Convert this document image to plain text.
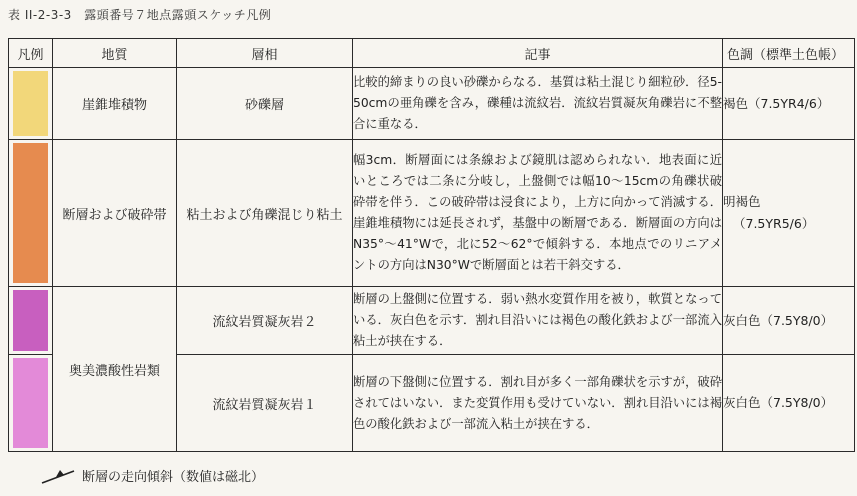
表 II-2-3-3　露頭番号７地点露頭スケッチ凡例
凡例	地質	層相	記事	色調（標準土色帳）

	崖錐堆積物	砂礫層	比較的締まりの良い砂礫からなる．基質は粘土混じり細粒砂．径5-50cmの亜角礫を含み，礫種は流紋岩．流紋岩質凝灰角礫岩に不整合に重なる．	褐色（7.5YR4/6）

	断層および破砕帯	粘土および角礫混じり粘土	幅3cm．断層面には条線および鏡肌は認められない．地表面に近いところでは二条に分岐し，上盤側では幅10～15cmの角礫状破砕帯を伴う．この破砕帯は浸食により，上方に向かって消滅する．崖錐堆積物には延長されず，基盤中の断層である．断層面の方向はN35°～41°Wで，北に52～62°で傾斜する．本地点でのリニアメントの方向はN30°Wで断層面とは若干斜交する．	明褐色
（7.5YR5/6）

	奥美濃酸性岩類	流紋岩質凝灰岩２	断層の上盤側に位置する．弱い熱水変質作用を被り，軟質となっている．灰白色を示す．割れ目沿いには褐色の酸化鉄および一部流入粘土が挟在する．	灰白色（7.5Y8/0）

		流紋岩質凝灰岩１	断層の下盤側に位置する．割れ目が多く一部角礫状を示すが，破砕されてはいない．また変質作用も受けていない．割れ目沿いには褐色の酸化鉄および一部流入粘土が挟在する．	灰白色（7.5Y8/0）
断層の走向傾斜（数値は磁北）
